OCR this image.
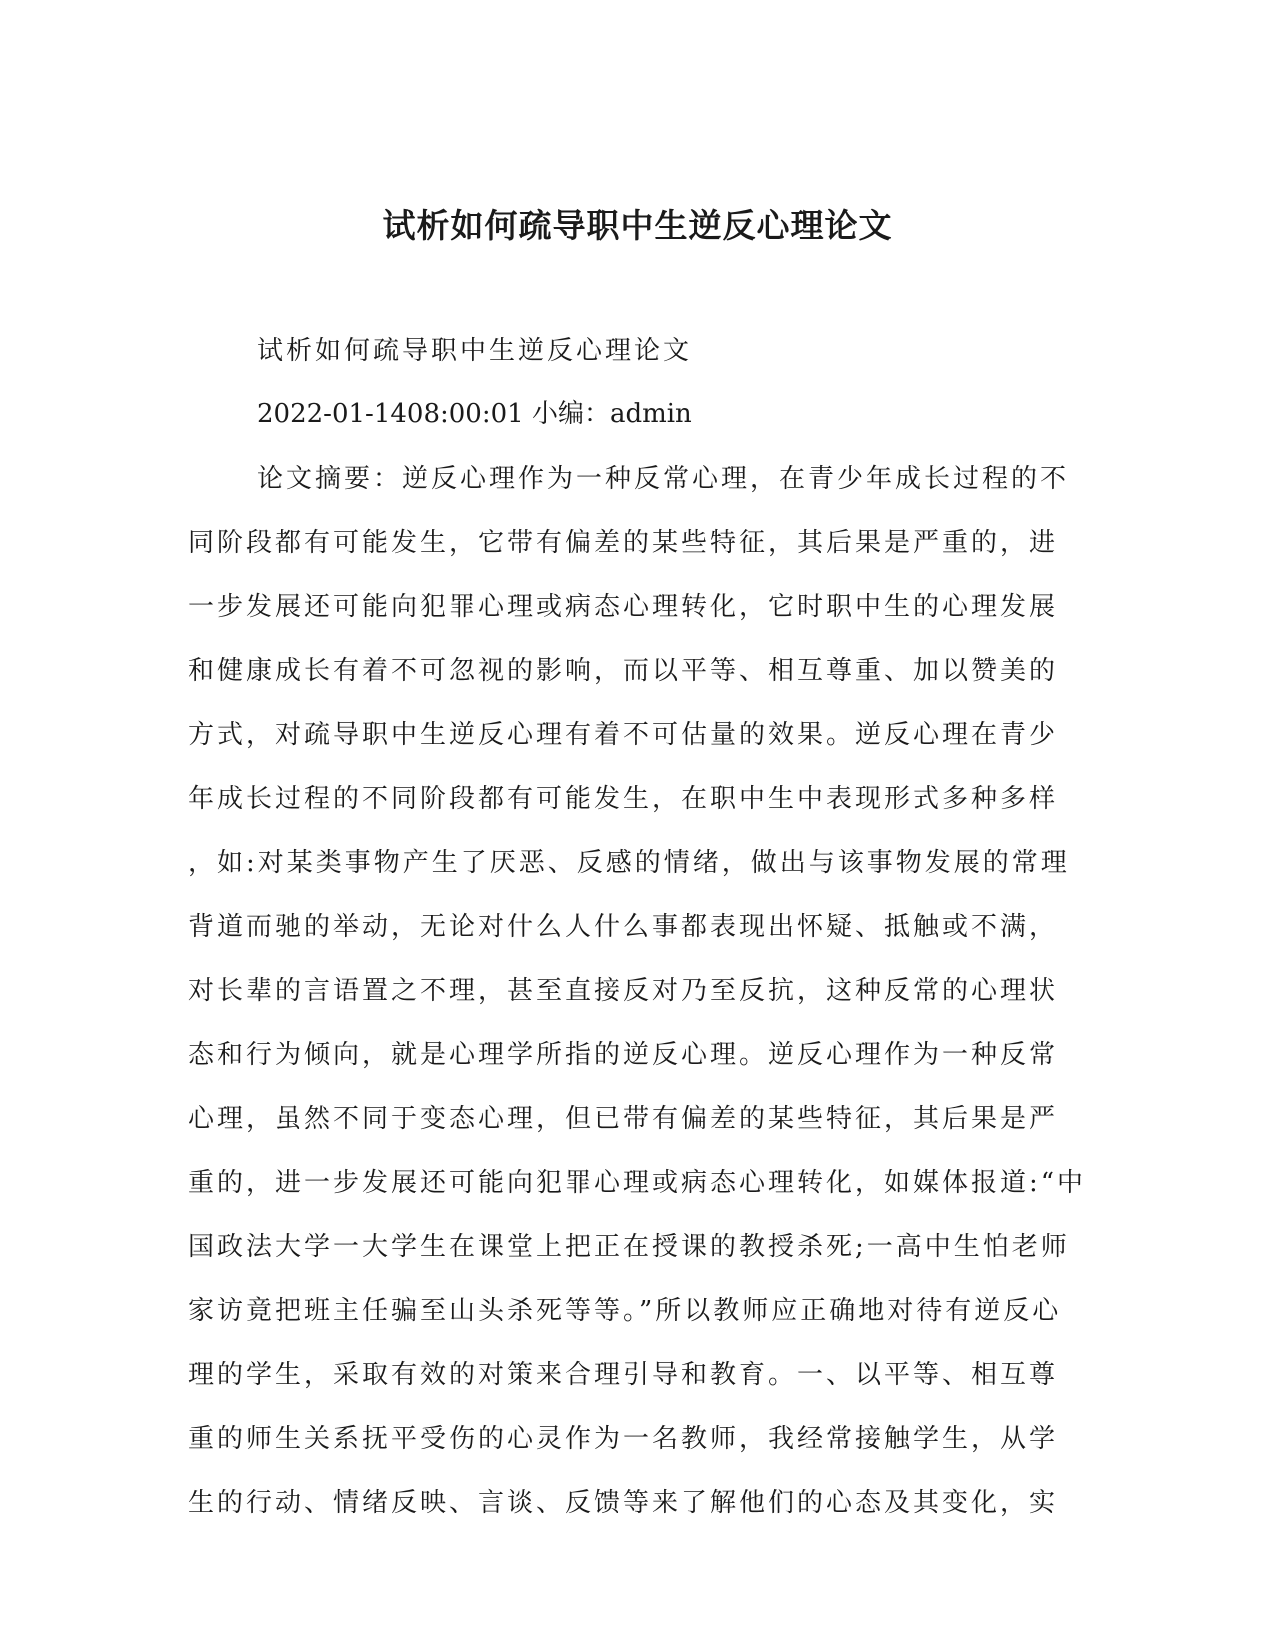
试析如何疏导职中生逆反心理论文

试析如何疏导职中生逆反心理论文

2022-01-1408:00:01 小编：admin

论文摘要：逆反心理作为一种反常心理，在青少年成长过程的不
同阶段都有可能发生，它带有偏差的某些特征，其后果是严重的，进
一步发展还可能向犯罪心理或病态心理转化，它时职中生的心理发展
和健康成长有着不可忽视的影响，而以平等、相互尊重、加以赞美的
方式，对疏导职中生逆反心理有着不可估量的效果。逆反心理在青少
年成长过程的不同阶段都有可能发生，在职中生中表现形式多种多样
，如:对某类事物产生了厌恶、反感的情绪，做出与该事物发展的常理
背道而驰的举动，无论对什么人什么事都表现出怀疑、抵触或不满，
对长辈的言语置之不理，甚至直接反对乃至反抗，这种反常的心理状
态和行为倾向，就是心理学所指的逆反心理。逆反心理作为一种反常
心理，虽然不同于变态心理，但已带有偏差的某些特征，其后果是严
重的，进一步发展还可能向犯罪心理或病态心理转化，如媒体报道:“中
国政法大学一大学生在课堂上把正在授课的教授杀死;一高中生怕老师
家访竟把班主任骗至山头杀死等等。”所以教师应正确地对待有逆反心
理的学生，采取有效的对策来合理引导和教育。一、以平等、相互尊
重的师生关系抚平受伤的心灵作为一名教师，我经常接触学生，从学
生的行动、情绪反映、言谈、反馈等来了解他们的心态及其变化，实
